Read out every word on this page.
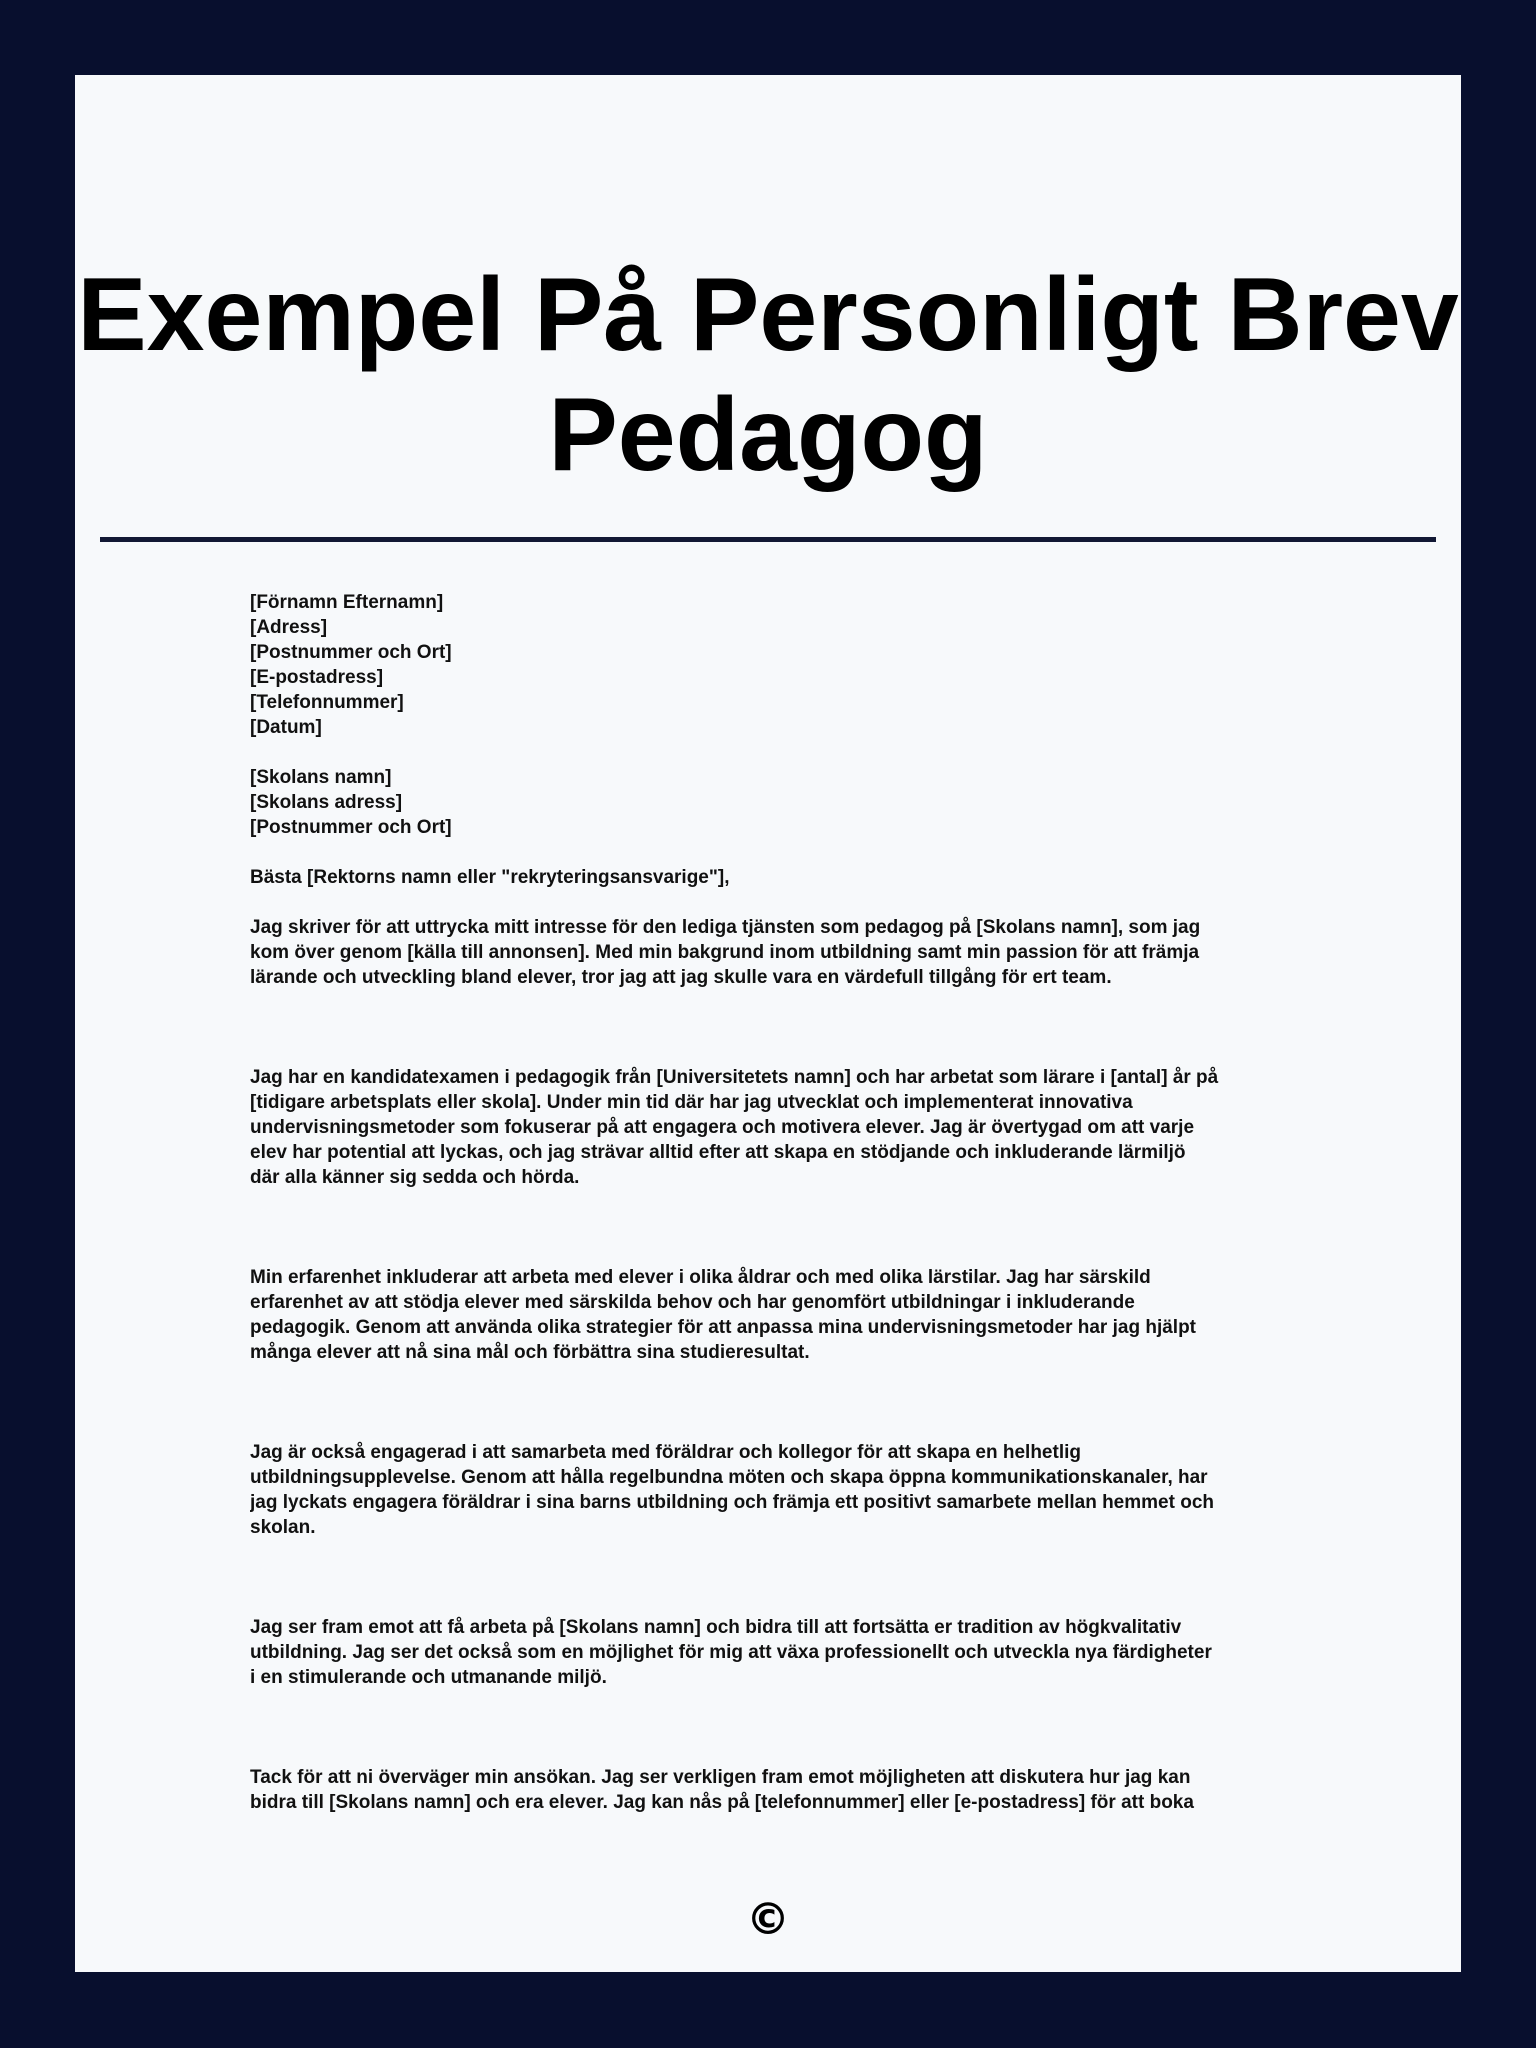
Exempel På Personligt Brev
Pedagog
[Förnamn Efternamn]
[Adress]
[Postnummer och Ort]
[E-postadress]
[Telefonnummer]
[Datum]
[Skolans namn]
[Skolans adress]
[Postnummer och Ort]
Bästa [Rektorns namn eller "rekryteringsansvarige"],
Jag skriver för att uttrycka mitt intresse för den lediga tjänsten som pedagog på [Skolans namn], som jag
kom över genom [källa till annonsen]. Med min bakgrund inom utbildning samt min passion för att främja
lärande och utveckling bland elever, tror jag att jag skulle vara en värdefull tillgång för ert team.
Jag har en kandidatexamen i pedagogik från [Universitetets namn] och har arbetat som lärare i [antal] år på
[tidigare arbetsplats eller skola]. Under min tid där har jag utvecklat och implementerat innovativa
undervisningsmetoder som fokuserar på att engagera och motivera elever. Jag är övertygad om att varje
elev har potential att lyckas, och jag strävar alltid efter att skapa en stödjande och inkluderande lärmiljö
där alla känner sig sedda och hörda.
Min erfarenhet inkluderar att arbeta med elever i olika åldrar och med olika lärstilar. Jag har särskild
erfarenhet av att stödja elever med särskilda behov och har genomfört utbildningar i inkluderande
pedagogik. Genom att använda olika strategier för att anpassa mina undervisningsmetoder har jag hjälpt
många elever att nå sina mål och förbättra sina studieresultat.
Jag är också engagerad i att samarbeta med föräldrar och kollegor för att skapa en helhetlig
utbildningsupplevelse. Genom att hålla regelbundna möten och skapa öppna kommunikationskanaler, har
jag lyckats engagera föräldrar i sina barns utbildning och främja ett positivt samarbete mellan hemmet och
skolan.
Jag ser fram emot att få arbeta på [Skolans namn] och bidra till att fortsätta er tradition av högkvalitativ
utbildning. Jag ser det också som en möjlighet för mig att växa professionellt och utveckla nya färdigheter
i en stimulerande och utmanande miljö.
Tack för att ni överväger min ansökan. Jag ser verkligen fram emot möjligheten att diskutera hur jag kan
bidra till [Skolans namn] och era elever. Jag kan nås på [telefonnummer] eller [e-postadress] för att boka
©
